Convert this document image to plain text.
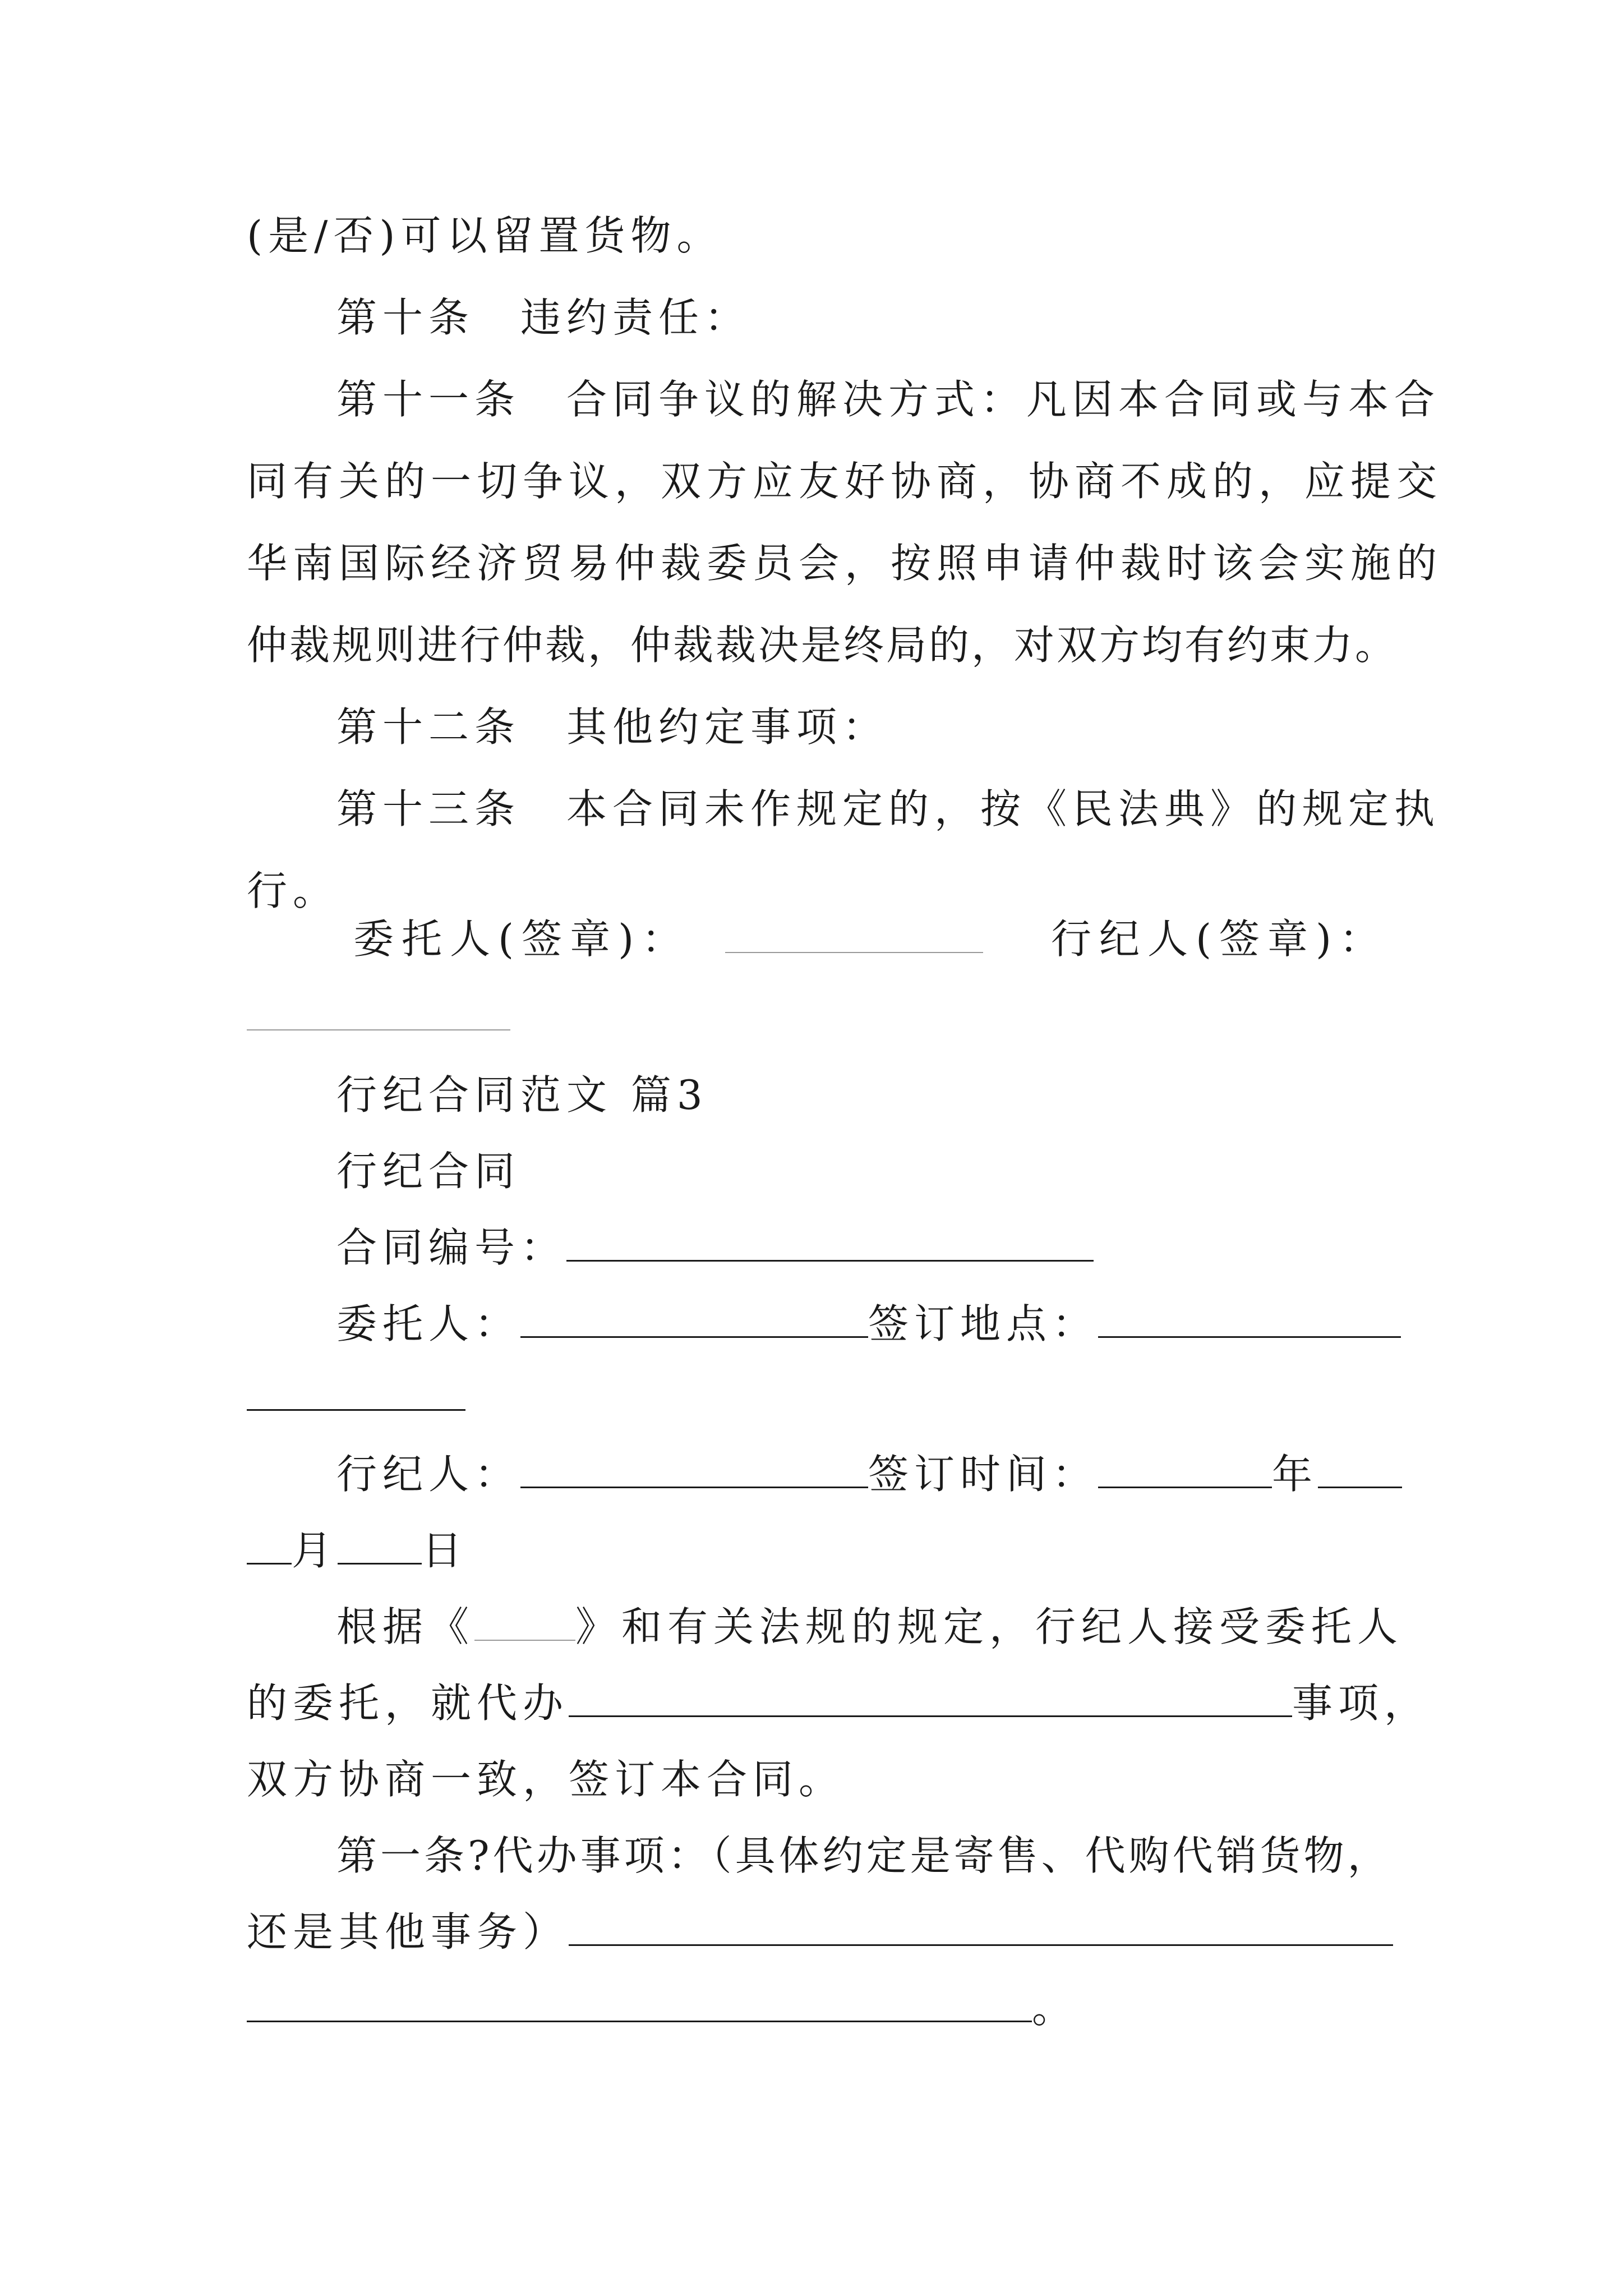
(是/否)可以留置货物。
第十条　违约责任：
第十一条　合同争议的解决方式：凡因本合同或与本合
同有关的一切争议，双方应友好协商，协商不成的，应提交
华南国际经济贸易仲裁委员会，按照申请仲裁时该会实施的
仲裁规则进行仲裁，仲裁裁决是终局的，对双方均有约束力。
第十二条　其他约定事项：
第十三条　本合同未作规定的，按《民法典》的规定执
行。
委托人(签章)：	行纪人(签章)：
行纪合同范文 篇3
行纪合同
合同编号：
委托人：	签订地点：
行纪人：	签订时间：	年
月 日
根据《	》和有关法规的规定，行纪人接受委托人
的委托，就代办	事项，
双方协商一致，签订本合同。
第一条?代办事项：（具体约定是寄售、代购代销货物，
还是其他事务）
。
